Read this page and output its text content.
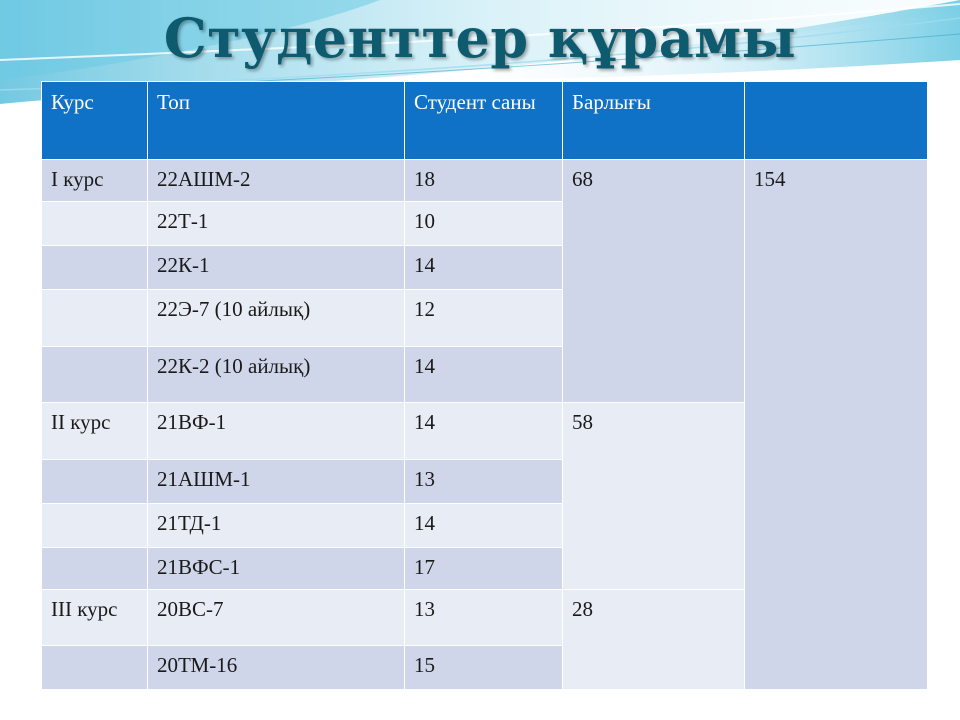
Студенттер құрамы
Курс	Топ	Студент саны	Барлығы	
I курс	22АШМ-2	18	68	154
	22Т-1	10		
	22К-1	14		
	22Э-7 (10 айлық)	12		
	22К-2 (10 айлық)	14		
II курс	21ВФ-1	14	58	
	21АШМ-1	13		
	21ТД-1	14		
	21ВФС-1	17		
III курс	20ВС-7	13	28	
	20ТМ-16	15		
